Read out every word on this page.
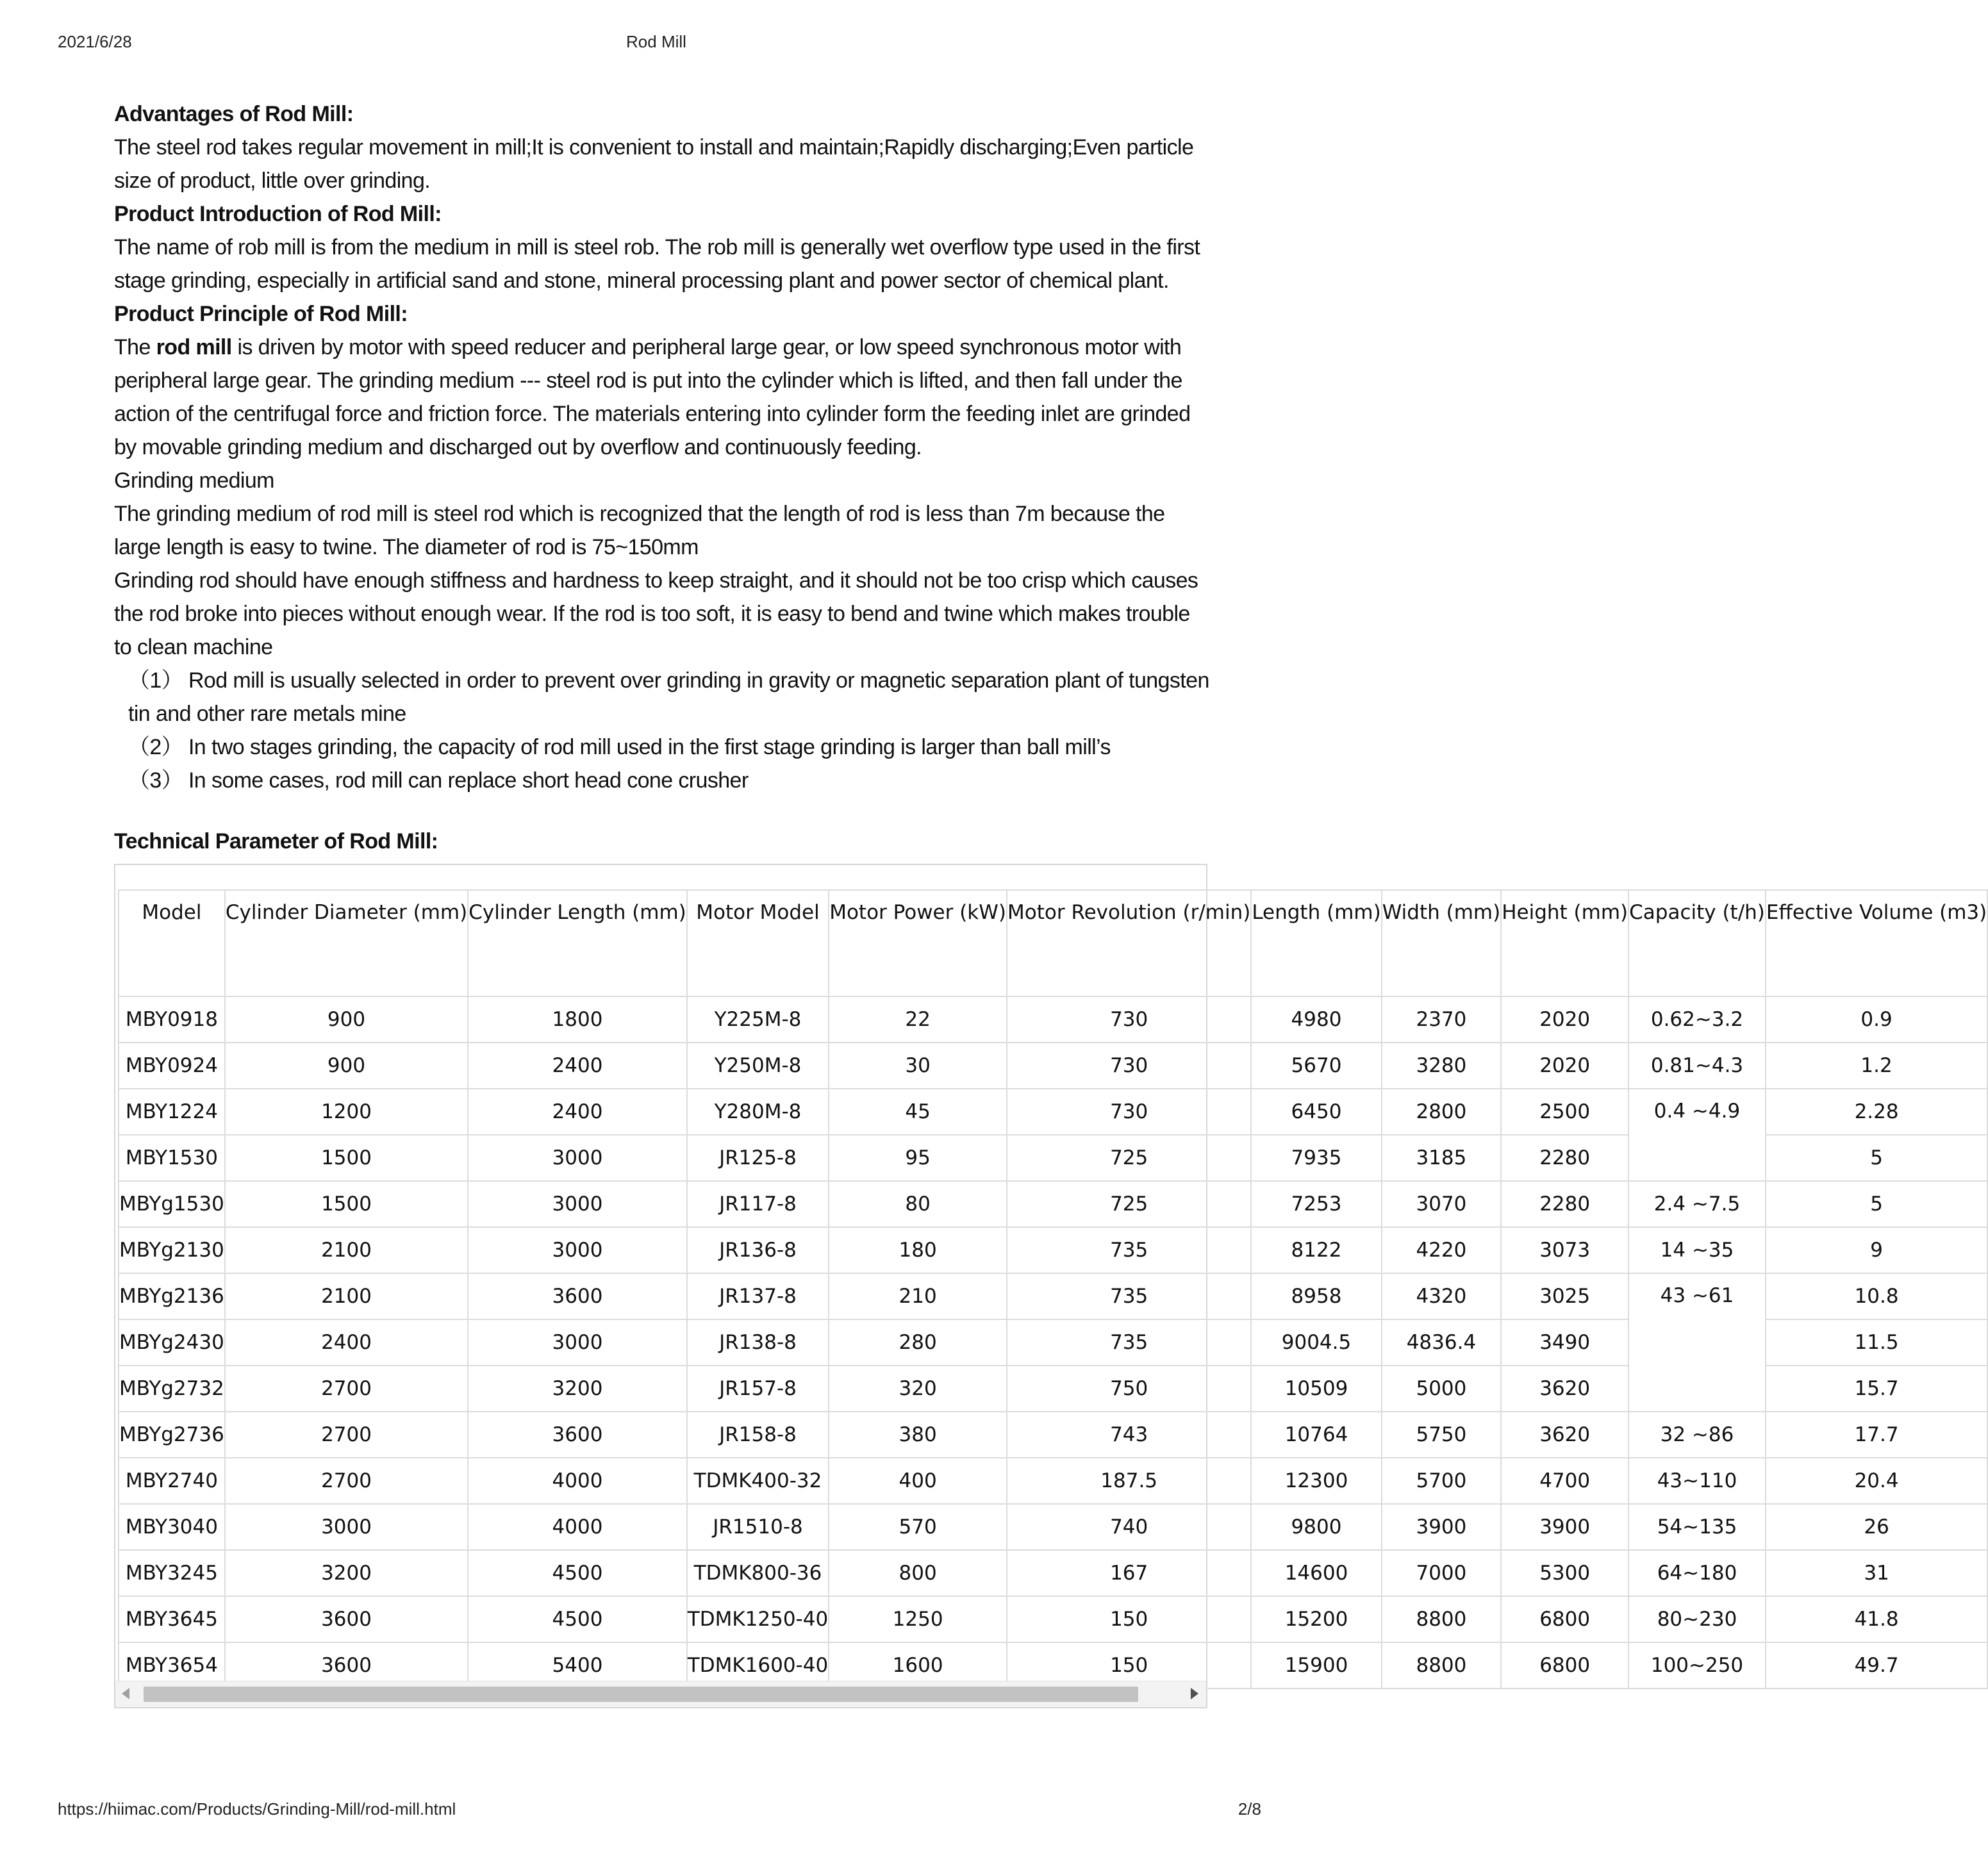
2021/6/28	Rod Mill

Advantages of Rod Mill:

The steel rod takes regular movement in mill;It is convenient to install and maintain;Rapidly discharging;Even particle size of product, little over grinding.

Product Introduction of Rod Mill:

The name of rob mill is from the medium in mill is steel rob. The rob mill is generally wet overflow type used in the first stage grinding, especially in artificial sand and stone, mineral processing plant and power sector of chemical plant.

Product Principle of Rod Mill:

The rod mill is driven by motor with speed reducer and peripheral large gear, or low speed synchronous motor with peripheral large gear. The grinding medium --- steel rod is put into the cylinder which is lifted, and then fall under the action of the centrifugal force and friction force. The materials entering into cylinder form the feeding inlet are grinded by movable grinding medium and discharged out by overflow and continuously feeding.

Grinding medium

The grinding medium of rod mill is steel rod which is recognized that the length of rod is less than 7m because the large length is easy to twine. The diameter of rod is 75~150mm

Grinding rod should have enough stiffness and hardness to keep straight, and it should not be too crisp which causes the rod broke into pieces without enough wear. If the rod is too soft, it is easy to bend and twine which makes trouble to clean machine

（1） Rod mill is usually selected in order to prevent over grinding in gravity or magnetic separation plant of tungsten tin and other rare metals mine

（2） In two stages grinding, the capacity of rod mill used in the first stage grinding is larger than ball mill’s

（3） In some cases, rod mill can replace short head cone crusher

Technical Parameter of Rod Mill:
Model	Cylinder Diameter (mm)	Cylinder Length (mm)	Motor Model	Motor Power (kW)	Motor Revolution (r/min)	Length (mm)	Width (mm)	Height (mm)	Capacity (t/h)	Effective Volume (m3)
MBY0918	900	1800	Y225M-8	22	730	4980	2370	2020	0.62~3.2	0.9
MBY0924	900	2400	Y250M-8	30	730	5670	3280	2020	0.81~4.3	1.2
MBY1224	1200	2400	Y280M-8	45	730	6450	2800	2500	0.4 ~4.9	2.28
MBY1530	1500	3000	JR125-8	95	725	7935	3185	2280		5
MBYg1530	1500	3000	JR117-8	80	725	7253	3070	2280	2.4 ~7.5	5
MBYg2130	2100	3000	JR136-8	180	735	8122	4220	3073	14 ~35	9
MBYg2136	2100	3600	JR137-8	210	735	8958	4320	3025	43 ~61	10.8
MBYg2430	2400	3000	JR138-8	280	735	9004.5	4836.4	3490		11.5
MBYg2732	2700	3200	JR157-8	320	750	10509	5000	3620		15.7
MBYg2736	2700	3600	JR158-8	380	743	10764	5750	3620	32 ~86	17.7
MBY2740	2700	4000	TDMK400-32	400	187.5	12300	5700	4700	43~110	20.4
MBY3040	3000	4000	JR1510-8	570	740	9800	3900	3900	54~135	26
MBY3245	3200	4500	TDMK800-36	800	167	14600	7000	5300	64~180	31
MBY3645	3600	4500	TDMK1250-40	1250	150	15200	8800	6800	80~230	41.8
MBY3654	3600	5400	TDMK1600-40	1600	150	15900	8800	6800	100~250	49.7
https://hiimac.com/Products/Grinding-Mill/rod-mill.html	2/8
